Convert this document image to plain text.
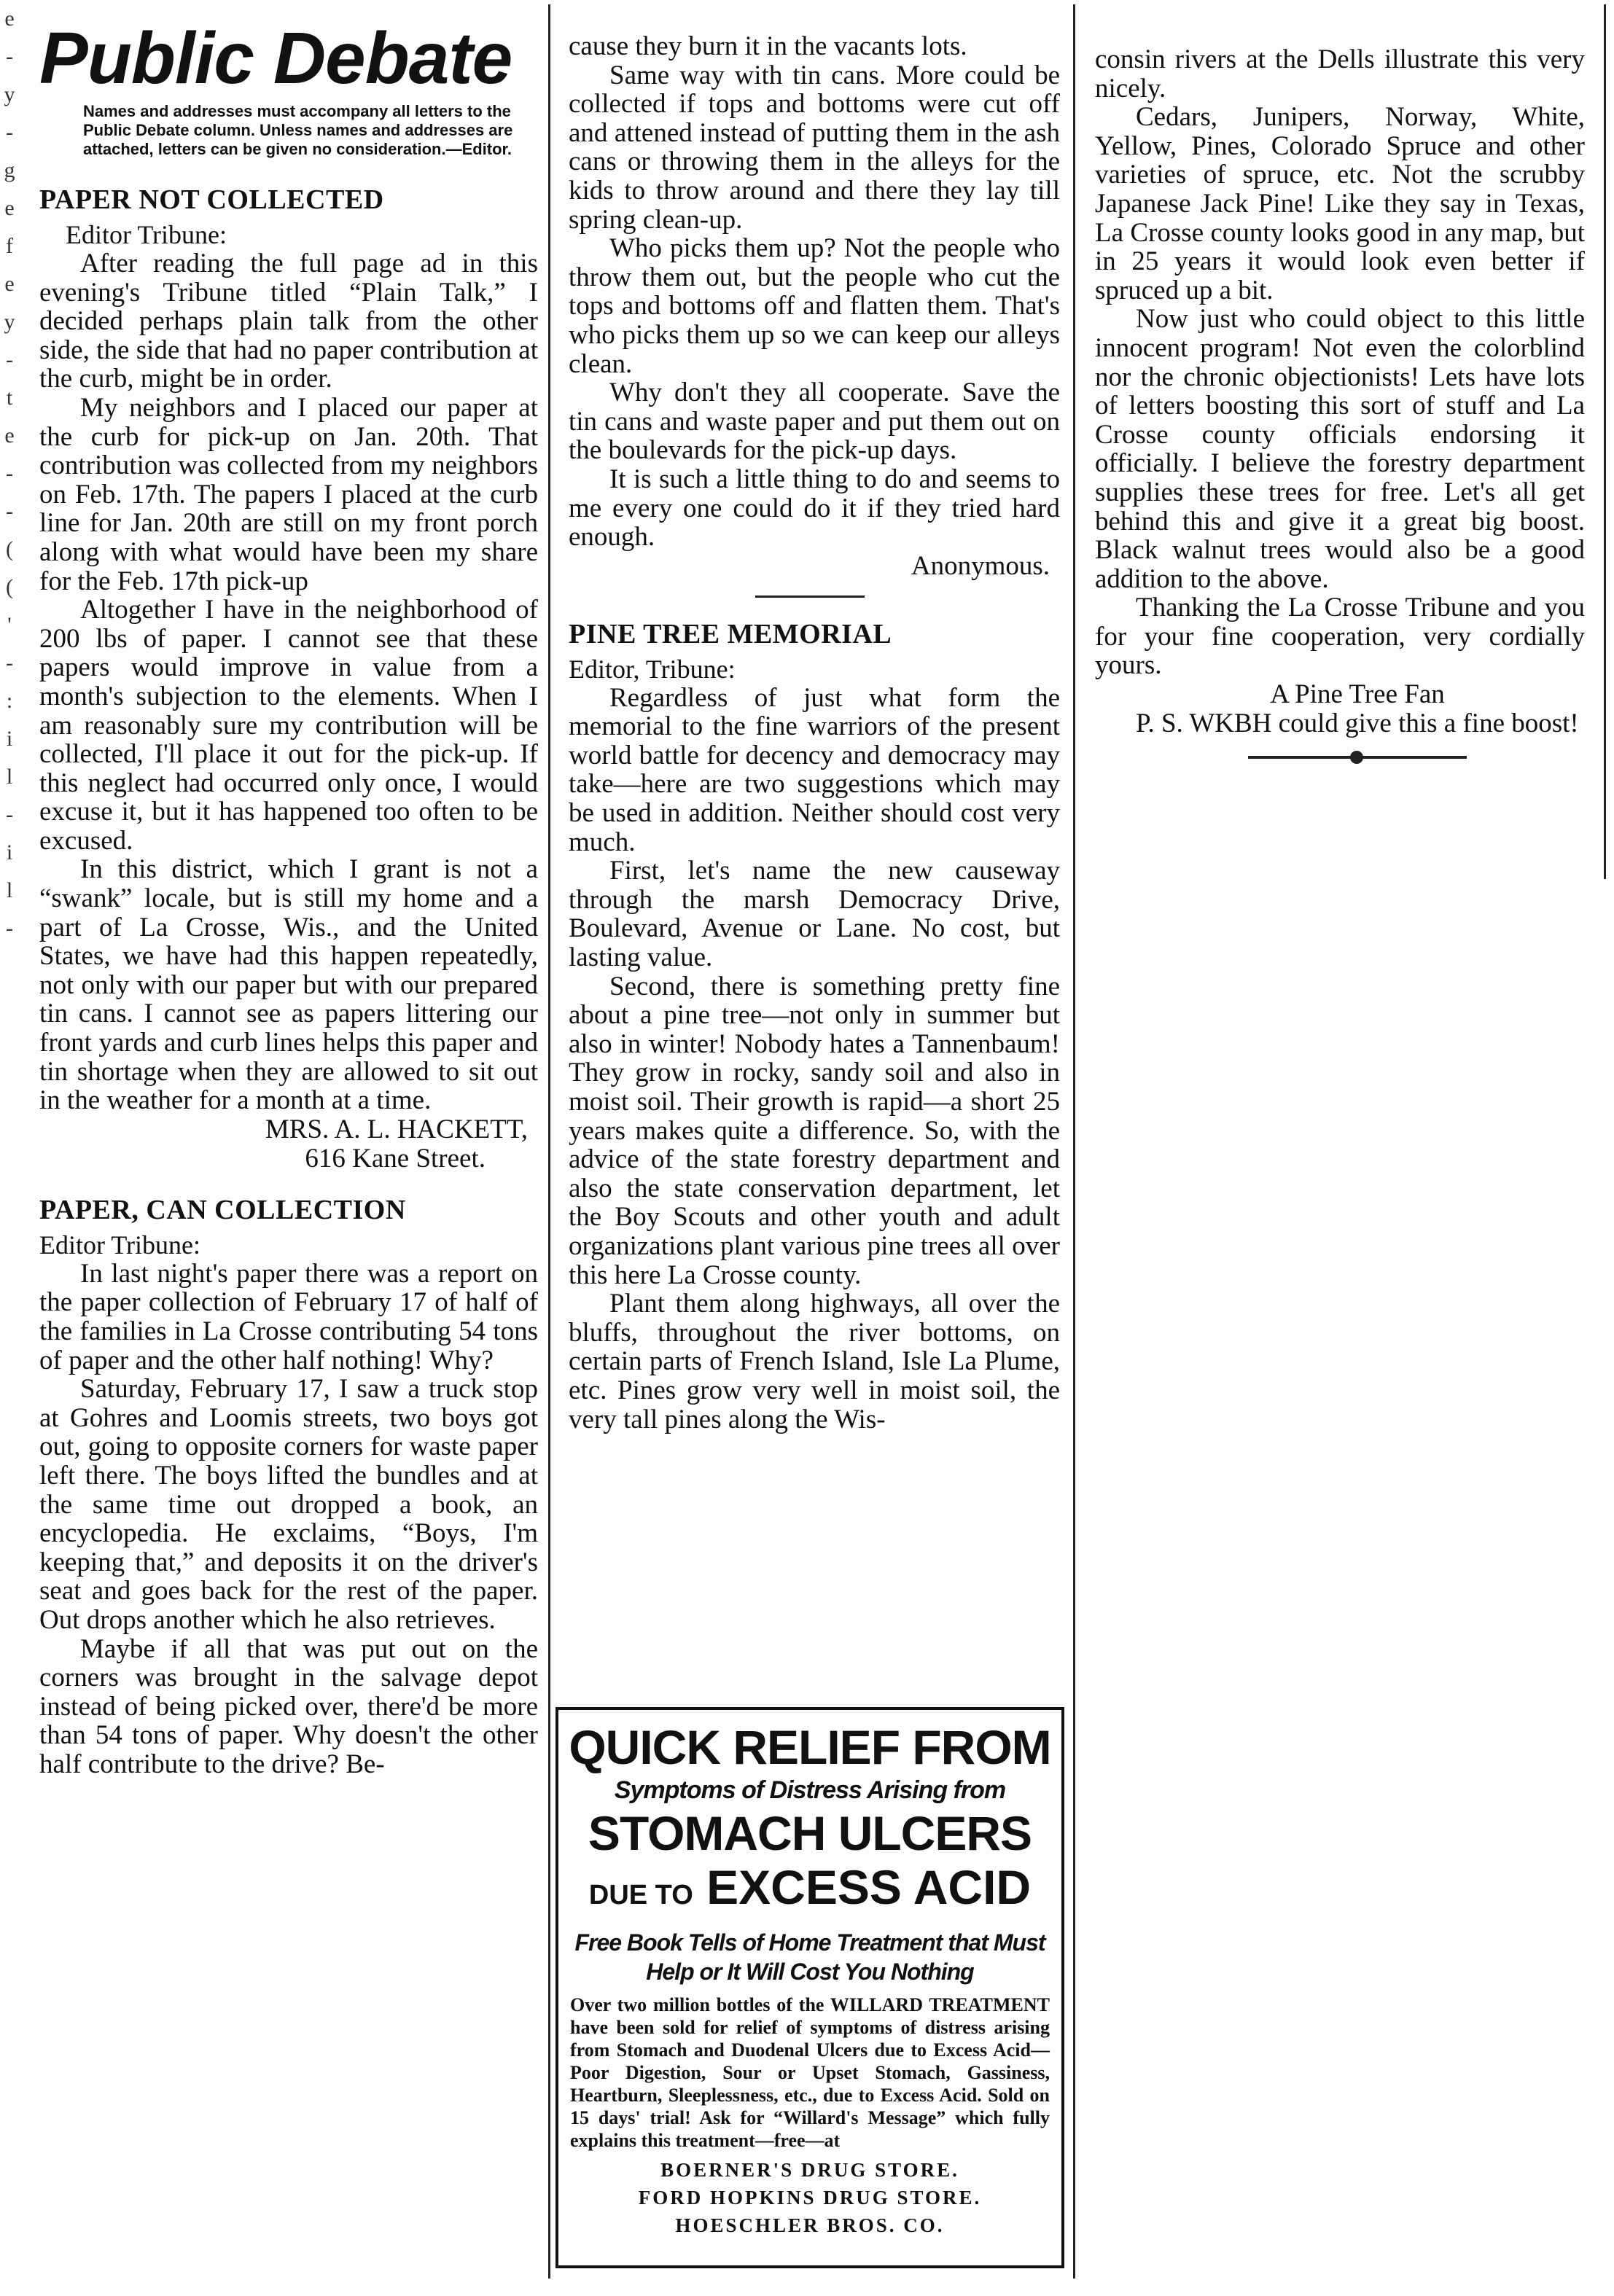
e
-
y
-
g
e
f
e
y
-
t
e
-
-
(
(
'
-
:
i
l
-
i
l
-
Public Debate
Names and addresses must accompany all letters to the Public Debate column. Unless names and addresses are attached, letters can be given no consideration.—Editor.
PAPER NOT COLLECTED
Editor Tribune:

After reading the full page ad in this evening's Tribune titled “Plain Talk,” I decided perhaps plain talk from the other side, the side that had no paper contribution at the curb, might be in order.

My neighbors and I placed our paper at the curb for pick-up on Jan. 20th. That contribution was collected from my neighbors on Feb. 17th. The papers I placed at the curb line for Jan. 20th are still on my front porch along with what would have been my share for the Feb. 17th pick-up

Altogether I have in the neighborhood of 200 lbs of paper. I cannot see that these papers would improve in value from a month's subjection to the elements. When I am reasonably sure my contribution will be collected, I'll place it out for the pick-up. If this neglect had occurred only once, I would excuse it, but it has happened too often to be excused.

In this district, which I grant is not a “swank” locale, but is still my home and a part of La Crosse, Wis., and the United States, we have had this happen repeatedly, not only with our paper but with our prepared tin cans. I cannot see as papers littering our front yards and curb lines helps this paper and tin shortage when they are allowed to sit out in the weather for a month at a time.

MRS. A. L. HACKETT,
616 Kane Street.
PAPER, CAN COLLECTION
Editor Tribune:

In last night's paper there was a report on the paper collection of February 17 of half of the families in La Crosse contributing 54 tons of paper and the other half nothing! Why?

Saturday, February 17, I saw a truck stop at Gohres and Loomis streets, two boys got out, going to opposite corners for waste paper left there. The boys lifted the bundles and at the same time out dropped a book, an encyclopedia. He exclaims, “Boys, I'm keeping that,” and deposits it on the driver's seat and goes back for the rest of the paper. Out drops another which he also retrieves.

Maybe if all that was put out on the corners was brought in the salvage depot instead of being picked over, there'd be more than 54 tons of paper. Why doesn't the other half contribute to the drive? Be-

cause they burn it in the vacants lots.

Same way with tin cans. More could be collected if tops and bottoms were cut off and attened instead of putting them in the ash cans or throwing them in the alleys for the kids to throw around and there they lay till spring clean-up.

Who picks them up? Not the people who throw them out, but the people who cut the tops and bottoms off and flatten them. That's who picks them up so we can keep our alleys clean.

Why don't they all cooperate. Save the tin cans and waste paper and put them out on the boulevards for the pick-up days.

It is such a little thing to do and seems to me every one could do it if they tried hard enough.

Anonymous.
PINE TREE MEMORIAL
Editor, Tribune:

Regardless of just what form the memorial to the fine warriors of the present world battle for decency and democracy may take—here are two suggestions which may be used in addition. Neither should cost very much.

First, let's name the new causeway through the marsh Democracy Drive, Boulevard, Avenue or Lane. No cost, but lasting value.

Second, there is something pretty fine about a pine tree—not only in summer but also in winter! Nobody hates a Tannenbaum! They grow in rocky, sandy soil and also in moist soil. Their growth is rapid—a short 25 years makes quite a difference. So, with the advice of the state forestry department and also the state conservation department, let the Boy Scouts and other youth and adult organizations plant various pine trees all over this here La Crosse county.

Plant them along highways, all over the bluffs, throughout the river bottoms, on certain parts of French Island, Isle La Plume, etc. Pines grow very well in moist soil, the very tall pines along the Wis-

QUICK RELIEF FROM
Symptoms of Distress Arising from
STOMACH ULCERS
DUE TO EXCESS ACID
Free Book Tells of Home Treatment that Must Help or It Will Cost You Nothing
Over two million bottles of the WILLARD TREATMENT have been sold for relief of symptoms of distress arising from Stomach and Duodenal Ulcers due to Excess Acid—Poor Digestion, Sour or Upset Stomach, Gassiness, Heartburn, Sleeplessness, etc., due to Excess Acid. Sold on 15 days' trial! Ask for “Willard's Message” which fully explains this treatment—free—at
BOERNER'S DRUG STORE.
FORD HOPKINS DRUG STORE.
HOESCHLER BROS. CO.

consin rivers at the Dells illustrate this very nicely.

Cedars, Junipers, Norway, White, Yellow, Pines, Colorado Spruce and other varieties of spruce, etc. Not the scrubby Japanese Jack Pine! Like they say in Texas, La Crosse county looks good in any map, but in 25 years it would look even better if spruced up a bit.

Now just who could object to this little innocent program! Not even the colorblind nor the chronic objectionists! Lets have lots of letters boosting this sort of stuff and La Crosse county officials endorsing it officially. I believe the forestry department supplies these trees for free. Let's all get behind this and give it a great big boost. Black walnut trees would also be a good addition to the above.

Thanking the La Crosse Tribune and you for your fine cooperation, very cordially yours.

A Pine Tree Fan

P. S. WKBH could give this a fine boost!
